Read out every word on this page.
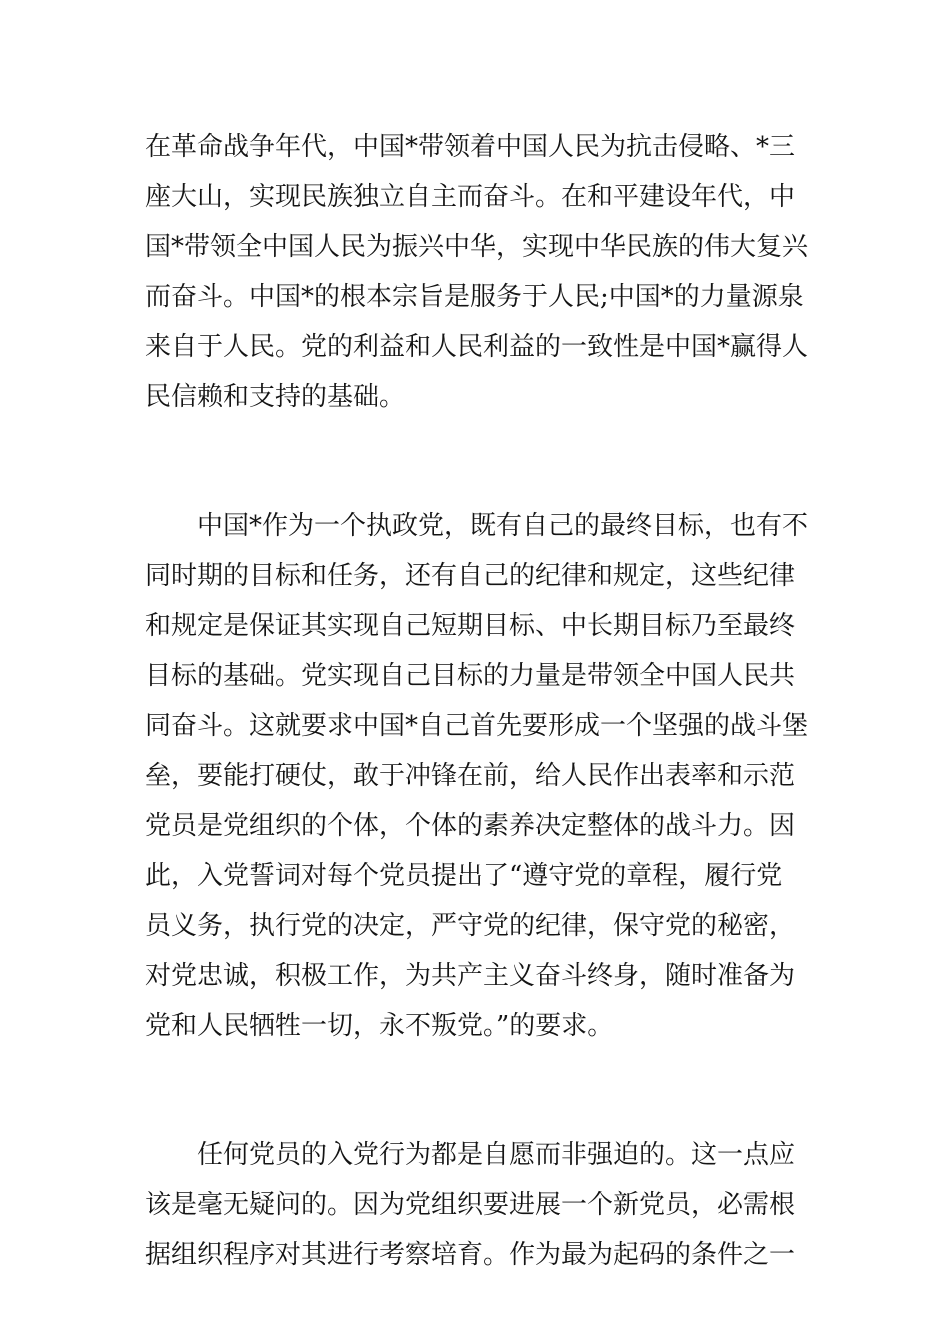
在革命战争年代，中国*带领着中国人民为抗击侵略、*三
座大山，实现民族独立自主而奋斗。在和平建设年代，中
国*带领全中国人民为振兴中华，实现中华民族的伟大复兴
而奋斗。中国*的根本宗旨是服务于人民;中国*的力量源泉
来自于人民。党的利益和人民利益的一致性是中国*赢得人
民信赖和支持的基础。
中国*作为一个执政党，既有自己的最终目标，也有不
同时期的目标和任务，还有自己的纪律和规定，这些纪律
和规定是保证其实现自己短期目标、中长期目标乃至最终
目标的基础。党实现自己目标的力量是带领全中国人民共
同奋斗。这就要求中国*自己首先要形成一个坚强的战斗堡
垒，要能打硬仗，敢于冲锋在前，给人民作出表率和示范
党员是党组织的个体，个体的素养决定整体的战斗力。因
此，入党誓词对每个党员提出了“遵守党的章程，履行党
员义务，执行党的决定，严守党的纪律，保守党的秘密，
对党忠诚，积极工作，为共产主义奋斗终身，随时准备为
党和人民牺牲一切，永不叛党。”的要求。
任何党员的入党行为都是自愿而非强迫的。这一点应
该是毫无疑问的。因为党组织要进展一个新党员，必需根
据组织程序对其进行考察培育。作为最为起码的条件之一
